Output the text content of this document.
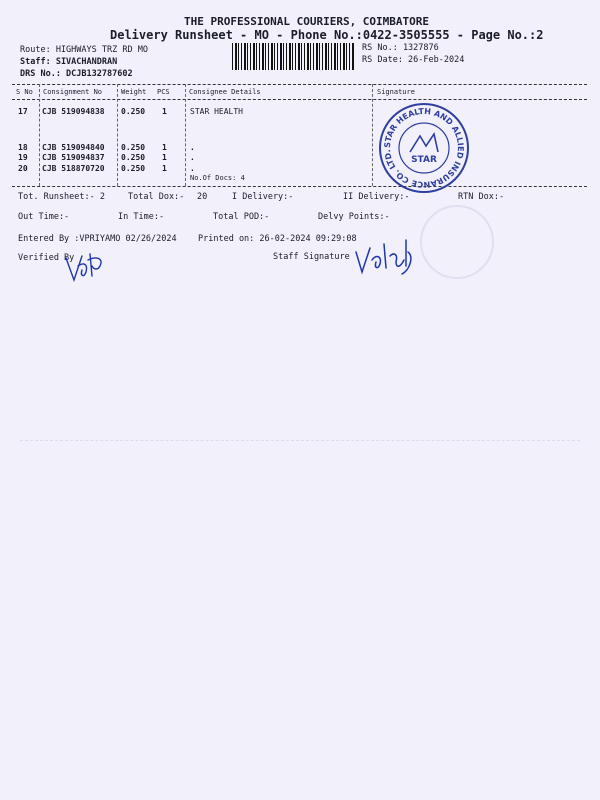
THE PROFESSIONAL COURIERS, COIMBATORE
Delivery Runsheet - MO - Phone No.:0422-3505555 - Page No.:2
Route: HIGHWAYS TRZ RD MO
Staff: SIVACHANDRAN
DRS No.: DCJB132787602
RS No.: 1327876
RS Date: 26-Feb-2024
S No Consignment No	Weight PCS	Consignee Details	Signature
17 CJB 519094838 0.250 1	STAR HEALTH
18 CJB 519094840 0.250 1	.
19 CJB 519094837 0.250 1	.
20 CJB 518870720 0.250 1	.
No.Of Docs: 4
STAR HEALTH AND ALLIED INSURANCE CO. LTD.
STAR
Tot. Runsheet:- 2	Total Dox:- 20	I Delivery:-	II Delivery:-	RTN Dox:-
Out Time:-	In Time:-	Total POD:-	Delvy Points:-
Entered By :VPRIYAMO 02/26/2024	Printed on: 26-02-2024 09:29:08
Verified By	Staff Signature
